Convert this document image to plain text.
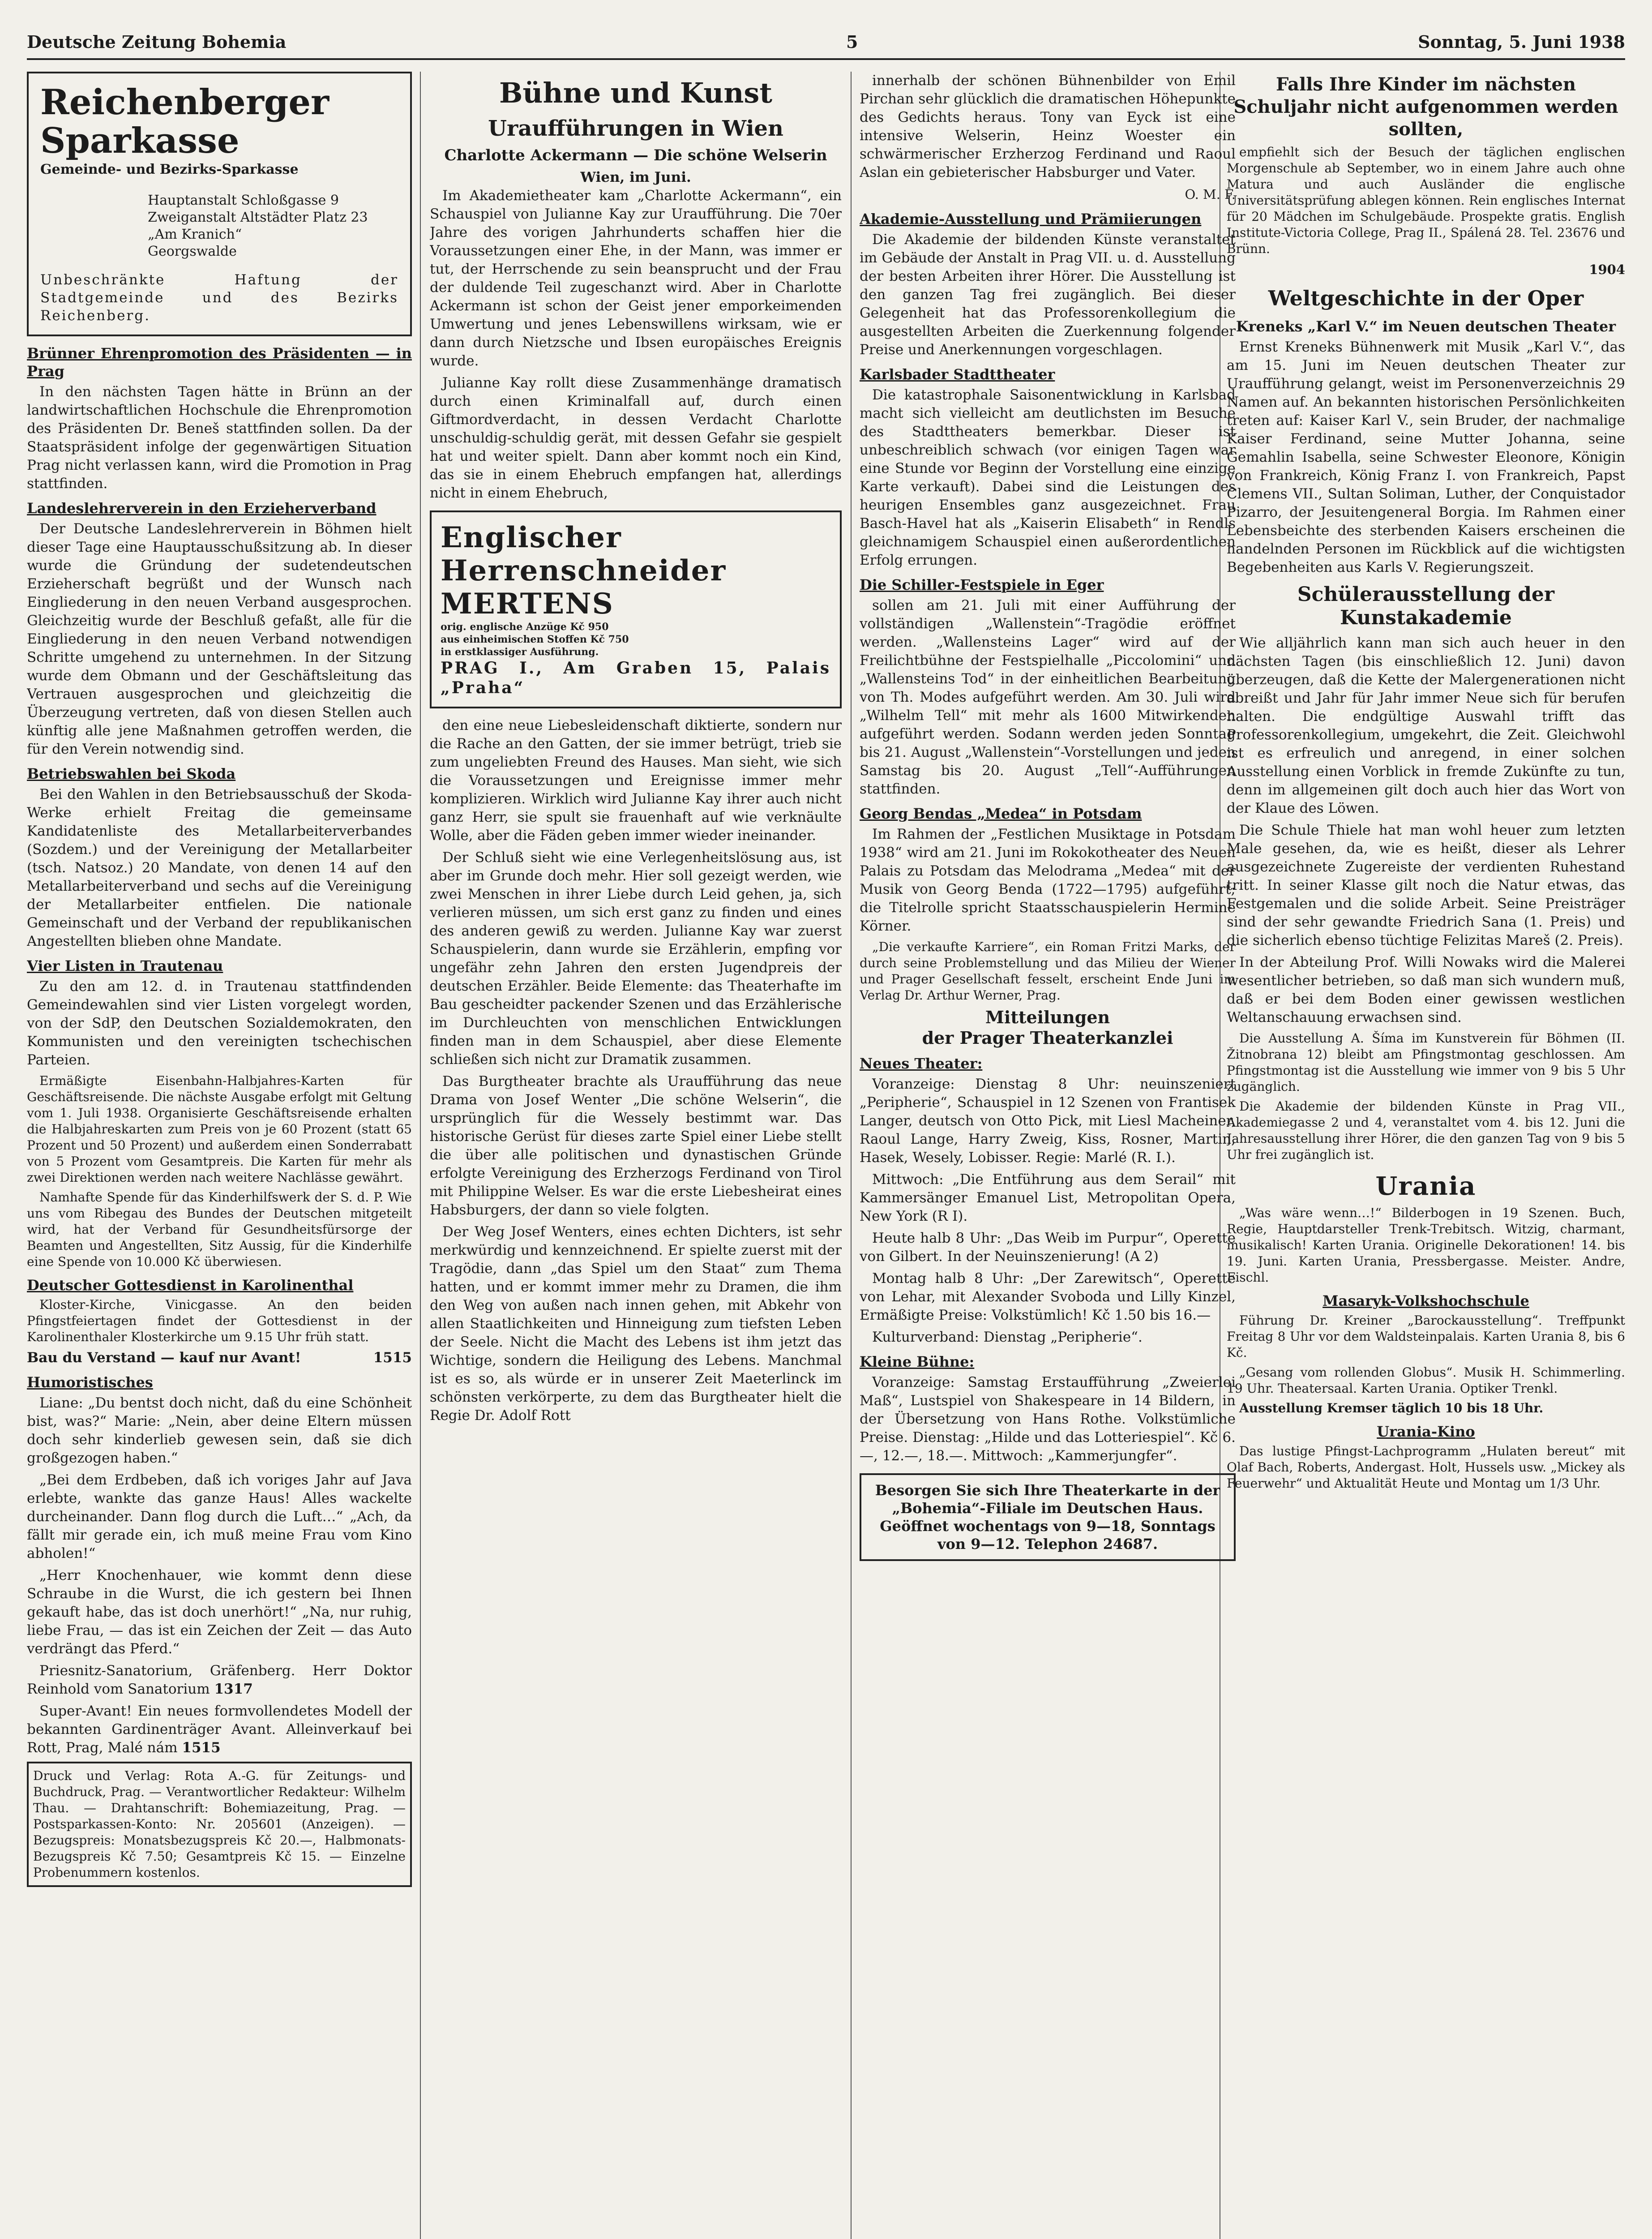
Deutsche Zeitung Bohemia	5	Sonntag, 5. Juni 1938
Reichenberger Sparkasse
Gemeinde- und Bezirks-Sparkasse
Hauptanstalt Schloßgasse 9
Zweiganstalt Altstädter Platz 23
„Am Kranich“
Georgswalde
Unbeschränkte Haftung der Stadtgemeinde und des Bezirks Reichenberg.
Brünner Ehrenpromotion des Präsidenten — in Prag

In den nächsten Tagen hätte in Brünn an der landwirtschaftlichen Hochschule die Ehrenpromotion des Präsidenten Dr. Beneš stattfinden sollen. Da der Staatspräsident infolge der gegenwärtigen Situation Prag nicht verlassen kann, wird die Promotion in Prag stattfinden.

Landeslehrerverein in den Erzieherverband

Der Deutsche Landeslehrerverein in Böhmen hielt dieser Tage eine Hauptausschußsitzung ab. In dieser wurde die Gründung der sudetendeutschen Erzieherschaft begrüßt und der Wunsch nach Eingliederung in den neuen Verband ausgesprochen. Gleichzeitig wurde der Beschluß gefaßt, alle für die Eingliederung in den neuen Verband notwendigen Schritte umgehend zu unternehmen. In der Sitzung wurde dem Obmann und der Geschäftsleitung das Vertrauen ausgesprochen und gleichzeitig die Überzeugung vertreten, daß von diesen Stellen auch künftig alle jene Maßnahmen getroffen werden, die für den Verein notwendig sind.

Betriebswahlen bei Skoda

Bei den Wahlen in den Betriebsausschuß der Skoda-Werke erhielt Freitag die gemeinsame Kandidatenliste des Metallarbeiterverbandes (Sozdem.) und der Vereinigung der Metallarbeiter (tsch. Natsoz.) 20 Mandate, von denen 14 auf den Metallarbeiterverband und sechs auf die Vereinigung der Metallarbeiter entfielen. Die nationale Gemeinschaft und der Verband der republikanischen Angestellten blieben ohne Mandate.

Vier Listen in Trautenau

Zu den am 12. d. in Trautenau stattfindenden Gemeindewahlen sind vier Listen vorgelegt worden, von der SdP, den Deutschen Sozialdemokraten, den Kommunisten und den vereinigten tschechischen Parteien.

Ermäßigte Eisenbahn-Halbjahres-Karten für Geschäftsreisende. Die nächste Ausgabe erfolgt mit Geltung vom 1. Juli 1938. Organisierte Geschäftsreisende erhalten die Halbjahreskarten zum Preis von je 60 Prozent (statt 65 Prozent und 50 Prozent) und außerdem einen Sonderrabatt von 5 Prozent vom Gesamtpreis. Die Karten für mehr als zwei Direktionen werden nach weitere Nachlässe gewährt.

Namhafte Spende für das Kinderhilfswerk der S. d. P. Wie uns vom Ribegau des Bundes der Deutschen mitgeteilt wird, hat der Verband für Gesundheitsfürsorge der Beamten und Angestellten, Sitz Aussig, für die Kinderhilfe eine Spende von 10.000 Kč überwiesen.

Deutscher Gottesdienst in Karolinenthal

Kloster-Kirche, Vinicgasse. An den beiden Pfingstfeiertagen findet der Gottesdienst in der Karolinenthaler Klosterkirche um 9.15 Uhr früh statt.

Bau du Verstand — kauf nur Avant!	1515
Humoristisches

Liane: „Du bentst doch nicht, daß du eine Schönheit bist, was?“ Marie: „Nein, aber deine Eltern müssen doch sehr kinderlieb gewesen sein, daß sie dich großgezogen haben.“

„Bei dem Erdbeben, daß ich voriges Jahr auf Java erlebte, wankte das ganze Haus! Alles wackelte durcheinander. Dann flog durch die Luft…“ „Ach, da fällt mir gerade ein, ich muß meine Frau vom Kino abholen!“

„Herr Knochenhauer, wie kommt denn diese Schraube in die Wurst, die ich gestern bei Ihnen gekauft habe, das ist doch unerhört!“ „Na, nur ruhig, liebe Frau, — das ist ein Zeichen der Zeit — das Auto verdrängt das Pferd.“

Priesnitz-Sanatorium, Gräfenberg. Herr Doktor Reinhold vom Sanatorium 1317

Super-Avant! Ein neues formvollendetes Modell der bekannten Gardinenträger Avant. Alleinverkauf bei Rott, Prag, Malé nám 1515

Druck und Verlag: Rota A.-G. für Zeitungs- und Buchdruck, Prag. — Verantwortlicher Redakteur: Wilhelm Thau. — Drahtanschrift: Bohemiazeitung, Prag. — Postsparkassen-Konto: Nr. 205601 (Anzeigen). — Bezugspreis: Monatsbezugspreis Kč 20.—, Halbmonats-Bezugspreis Kč 7.50; Gesamtpreis Kč 15. — Einzelne Probenummern kostenlos.
Bühne und Kunst
Uraufführungen in Wien
Charlotte Ackermann — Die schöne Welserin
Wien, im Juni.

Im Akademietheater kam „Charlotte Ackermann“, ein Schauspiel von Julianne Kay zur Uraufführung. Die 70er Jahre des vorigen Jahrhunderts schaffen hier die Voraussetzungen einer Ehe, in der Mann, was immer er tut, der Herrschende zu sein beansprucht und der Frau der duldende Teil zugeschanzt wird. Aber in Charlotte Ackermann ist schon der Geist jener emporkeimenden Umwertung und jenes Lebenswillens wirksam, wie er dann durch Nietzsche und Ibsen europäisches Ereignis wurde.

Julianne Kay rollt diese Zusammenhänge dramatisch durch einen Kriminalfall auf, durch einen Giftmordverdacht, in dessen Verdacht Charlotte unschuldig-schuldig gerät, mit dessen Gefahr sie gespielt hat und weiter spielt. Dann aber kommt noch ein Kind, das sie in einem Ehebruch empfangen hat, allerdings nicht in einem Ehebruch,

Englischer Herrenschneider MERTENS
orig. englische Anzüge Kč 950
aus einheimischen Stoffen Kč 750
in erstklassiger Ausführung.
PRAG I., Am Graben 15, Palais „Praha“

den eine neue Liebesleidenschaft diktierte, sondern nur die Rache an den Gatten, der sie immer betrügt, trieb sie zum ungeliebten Freund des Hauses. Man sieht, wie sich die Voraussetzungen und Ereignisse immer mehr komplizieren. Wirklich wird Julianne Kay ihrer auch nicht ganz Herr, sie spult sie frauenhaft auf wie verknäulte Wolle, aber die Fäden geben immer wieder ineinander.

Der Schluß sieht wie eine Verlegenheitslösung aus, ist aber im Grunde doch mehr. Hier soll gezeigt werden, wie zwei Menschen in ihrer Liebe durch Leid gehen, ja, sich verlieren müssen, um sich erst ganz zu finden und eines des anderen gewiß zu werden. Julianne Kay war zuerst Schauspielerin, dann wurde sie Erzählerin, empfing vor ungefähr zehn Jahren den ersten Jugendpreis der deutschen Erzähler. Beide Elemente: das Theaterhafte im Bau gescheidter packender Szenen und das Erzählerische im Durchleuchten von menschlichen Entwicklungen finden man in dem Schauspiel, aber diese Elemente schließen sich nicht zur Dramatik zusammen.

Das Burgtheater brachte als Uraufführung das neue Drama von Josef Wenter „Die schöne Welserin“, die ursprünglich für die Wessely bestimmt war. Das historische Gerüst für dieses zarte Spiel einer Liebe stellt die über alle politischen und dynastischen Gründe erfolgte Vereinigung des Erzherzogs Ferdinand von Tirol mit Philippine Welser. Es war die erste Liebesheirat eines Habsburgers, der dann so viele folgten.

Der Weg Josef Wenters, eines echten Dichters, ist sehr merkwürdig und kennzeichnend. Er spielte zuerst mit der Tragödie, dann „das Spiel um den Staat“ zum Thema hatten, und er kommt immer mehr zu Dramen, die ihm den Weg von außen nach innen gehen, mit Abkehr von allen Staatlichkeiten und Hinneigung zum tiefsten Leben der Seele. Nicht die Macht des Lebens ist ihm jetzt das Wichtige, sondern die Heiligung des Lebens. Manchmal ist es so, als würde er in unserer Zeit Maeterlinck im schönsten verkörperte, zu dem das Burgtheater hielt die Regie Dr. Adolf Rott

innerhalb der schönen Bühnenbilder von Emil Pirchan sehr glücklich die dramatischen Höhepunkte des Gedichts heraus. Tony van Eyck ist eine intensive Welserin, Heinz Woester ein schwärmerischer Erzherzog Ferdinand und Raoul Aslan ein gebieterischer Habsburger und Vater.

O. M. F.
Akademie-Ausstellung und Prämiierungen

Die Akademie der bildenden Künste veranstaltet im Gebäude der Anstalt in Prag VII. u. d. Ausstellung der besten Arbeiten ihrer Hörer. Die Ausstellung ist den ganzen Tag frei zugänglich. Bei dieser Gelegenheit hat das Professorenkollegium die ausgestellten Arbeiten die Zuerkennung folgender Preise und Anerkennungen vorgeschlagen.

Karlsbader Stadttheater

Die katastrophale Saisonentwicklung in Karlsbad macht sich vielleicht am deutlichsten im Besuche des Stadttheaters bemerkbar. Dieser ist unbeschreiblich schwach (vor einigen Tagen war eine Stunde vor Beginn der Vorstellung eine einzige Karte verkauft). Dabei sind die Leistungen des heurigen Ensembles ganz ausgezeichnet. Frau Basch-Havel hat als „Kaiserin Elisabeth“ in Rendls gleichnamigem Schauspiel einen außerordentlichen Erfolg errungen.

Die Schiller-Festspiele in Eger

sollen am 21. Juli mit einer Aufführung der vollständigen „Wallenstein“-Tragödie eröffnet werden. „Wallensteins Lager“ wird auf der Freilichtbühne der Festspielhalle „Piccolomini“ und „Wallensteins Tod“ in der einheitlichen Bearbeitung von Th. Modes aufgeführt werden. Am 30. Juli wird „Wilhelm Tell“ mit mehr als 1600 Mitwirkenden aufgeführt werden. Sodann werden jeden Sonntag bis 21. August „Wallenstein“-Vorstellungen und jeden Samstag bis 20. August „Tell“-Aufführungen stattfinden.

Georg Bendas „Medea“ in Potsdam

Im Rahmen der „Festlichen Musiktage in Potsdam 1938“ wird am 21. Juni im Rokokotheater des Neuen Palais zu Potsdam das Melodrama „Medea“ mit der Musik von Georg Benda (1722—1795) aufgeführt; die Titelrolle spricht Staatsschauspielerin Hermine Körner.

„Die verkaufte Karriere“, ein Roman Fritzi Marks, der durch seine Problemstellung und das Milieu der Wiener und Prager Gesellschaft fesselt, erscheint Ende Juni im Verlag Dr. Arthur Werner, Prag.

Mitteilungen
der Prager Theaterkanzlei
Neues Theater:

Voranzeige: Dienstag 8 Uhr: neuinszeniert „Peripherie“, Schauspiel in 12 Szenen von Frantisek Langer, deutsch von Otto Pick, mit Liesl Macheiner, Raoul Lange, Harry Zweig, Kiss, Rosner, Martin, Hasek, Wesely, Lobisser. Regie: Marlé (R. I.).

Mittwoch: „Die Entführung aus dem Serail“ mit Kammersänger Emanuel List, Metropolitan Opera, New York (R I).

Heute halb 8 Uhr: „Das Weib im Purpur“, Operette von Gilbert. In der Neuinszenierung! (A 2)

Montag halb 8 Uhr: „Der Zarewitsch“, Operette von Lehar, mit Alexander Svoboda und Lilly Kinzel, Ermäßigte Preise: Volkstümlich! Kč 1.50 bis 16.—

Kulturverband: Dienstag „Peripherie“.

Kleine Bühne:

Voranzeige: Samstag Erstaufführung „Zweierlei Maß“, Lustspiel von Shakespeare in 14 Bildern, in der Übersetzung von Hans Rothe. Volkstümliche Preise. Dienstag: „Hilde und das Lotteriespiel“. Kč 6.—, 12.—, 18.—. Mittwoch: „Kammerjungfer“.

Besorgen Sie sich Ihre Theaterkarte in der „Bohemia“-Filiale im Deutschen Haus. Geöffnet wochentags von 9—18, Sonntags von 9—12. Telephon 24687.
Falls Ihre Kinder im nächsten Schuljahr nicht aufgenommen werden sollten,

empfiehlt sich der Besuch der täglichen englischen Morgenschule ab September, wo in einem Jahre auch ohne Matura und auch Ausländer die englische Universitätsprüfung ablegen können. Rein englisches Internat für 20 Mädchen im Schulgebäude. Prospekte gratis. English Institute-Victoria College, Prag II., Spálená 28. Tel. 23676 und Brünn.

1904
Weltgeschichte in der Oper
Kreneks „Karl V.“ im Neuen deutschen Theater

Ernst Kreneks Bühnenwerk mit Musik „Karl V.“, das am 15. Juni im Neuen deutschen Theater zur Uraufführung gelangt, weist im Personenverzeichnis 29 Namen auf. An bekannten historischen Persönlichkeiten treten auf: Kaiser Karl V., sein Bruder, der nachmalige Kaiser Ferdinand, seine Mutter Johanna, seine Gemahlin Isabella, seine Schwester Eleonore, Königin von Frankreich, König Franz I. von Frankreich, Papst Clemens VII., Sultan Soliman, Luther, der Conquistador Pizarro, der Jesuitengeneral Borgia. Im Rahmen einer Lebensbeichte des sterbenden Kaisers erscheinen die handelnden Personen im Rückblick auf die wichtigsten Begebenheiten aus Karls V. Regierungszeit.

Schülerausstellung der Kunstakademie

Wie alljährlich kann man sich auch heuer in den nächsten Tagen (bis einschließlich 12. Juni) davon überzeugen, daß die Kette der Malergenerationen nicht abreißt und Jahr für Jahr immer Neue sich für berufen halten. Die endgültige Auswahl trifft das Professorenkollegium, umgekehrt, die Zeit. Gleichwohl ist es erfreulich und anregend, in einer solchen Ausstellung einen Vorblick in fremde Zukünfte zu tun, denn im allgemeinen gilt doch auch hier das Wort von der Klaue des Löwen.

Die Schule Thiele hat man wohl heuer zum letzten Male gesehen, da, wie es heißt, dieser als Lehrer ausgezeichnete Zugereiste der verdienten Ruhestand tritt. In seiner Klasse gilt noch die Natur etwas, das Festgemalen und die solide Arbeit. Seine Preisträger sind der sehr gewandte Friedrich Sana (1. Preis) und die sicherlich ebenso tüchtige Felizitas Mareš (2. Preis).

In der Abteilung Prof. Willi Nowaks wird die Malerei wesentlicher betrieben, so daß man sich wundern muß, daß er bei dem Boden einer gewissen westlichen Weltanschauung erwachsen sind.

Die Ausstellung A. Šíma im Kunstverein für Böhmen (II. Žitnobrana 12) bleibt am Pfingstmontag geschlossen. Am Pfingstmontag ist die Ausstellung wie immer von 9 bis 5 Uhr zugänglich.

Die Akademie der bildenden Künste in Prag VII., Akademiegasse 2 und 4, veranstaltet vom 4. bis 12. Juni die Jahresausstellung ihrer Hörer, die den ganzen Tag von 9 bis 5 Uhr frei zugänglich ist.

Urania

„Was wäre wenn…!“ Bilderbogen in 19 Szenen. Buch, Regie, Hauptdarsteller Trenk-Trebitsch. Witzig, charmant, musikalisch! Karten Urania. Originelle Dekorationen! 14. bis 19. Juni. Karten Urania, Pressbergasse. Meister. Andre, Fischl.

Masaryk-Volkshochschule

Führung Dr. Kreiner „Barockausstellung“. Treffpunkt Freitag 8 Uhr vor dem Waldsteinpalais. Karten Urania 8, bis 6 Kč.

„Gesang vom rollenden Globus“. Musik H. Schimmerling. 19 Uhr. Theatersaal. Karten Urania. Optiker Trenkl.

Ausstellung Kremser täglich 10 bis 18 Uhr.

Urania-Kino

Das lustige Pfingst-Lachprogramm „Hulaten bereut“ mit Olaf Bach, Roberts, Andergast. Holt, Hussels usw. „Mickey als Feuerwehr“ und Aktualität Heute und Montag um 1/3 Uhr.
